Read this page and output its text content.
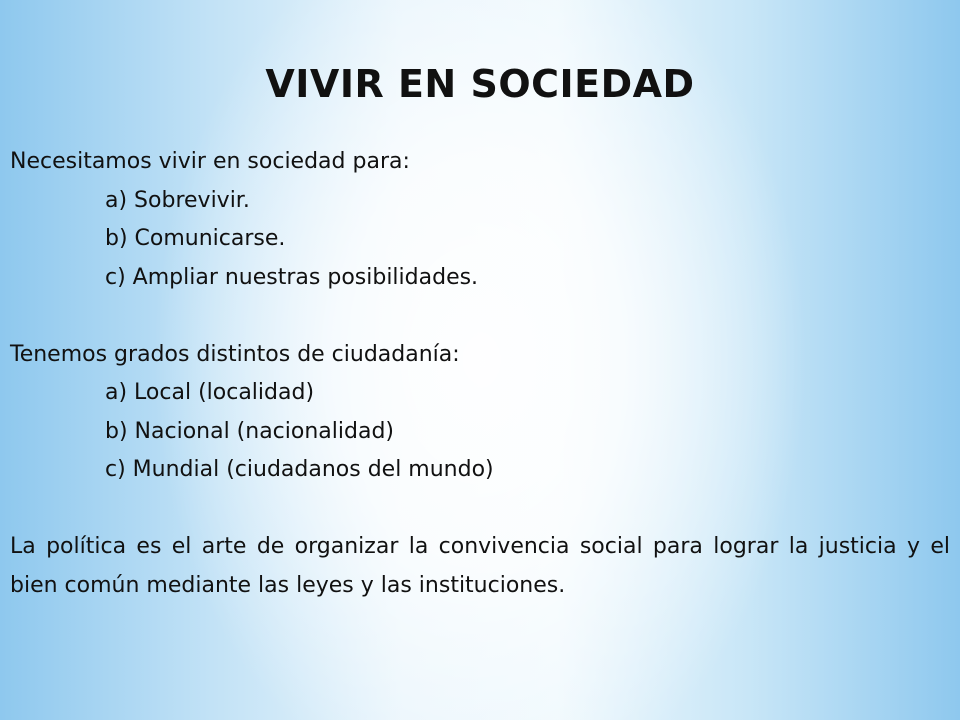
VIVIR EN SOCIEDAD
Necesitamos vivir en sociedad para:
a) Sobrevivir.
b) Comunicarse.
c) Ampliar nuestras posibilidades.
Tenemos grados distintos de ciudadanía:
a) Local (localidad)
b) Nacional (nacionalidad)
c) Mundial (ciudadanos del mundo)
La política es el arte de organizar la convivencia social para lograr la justicia y el bien común mediante las leyes y las instituciones.
